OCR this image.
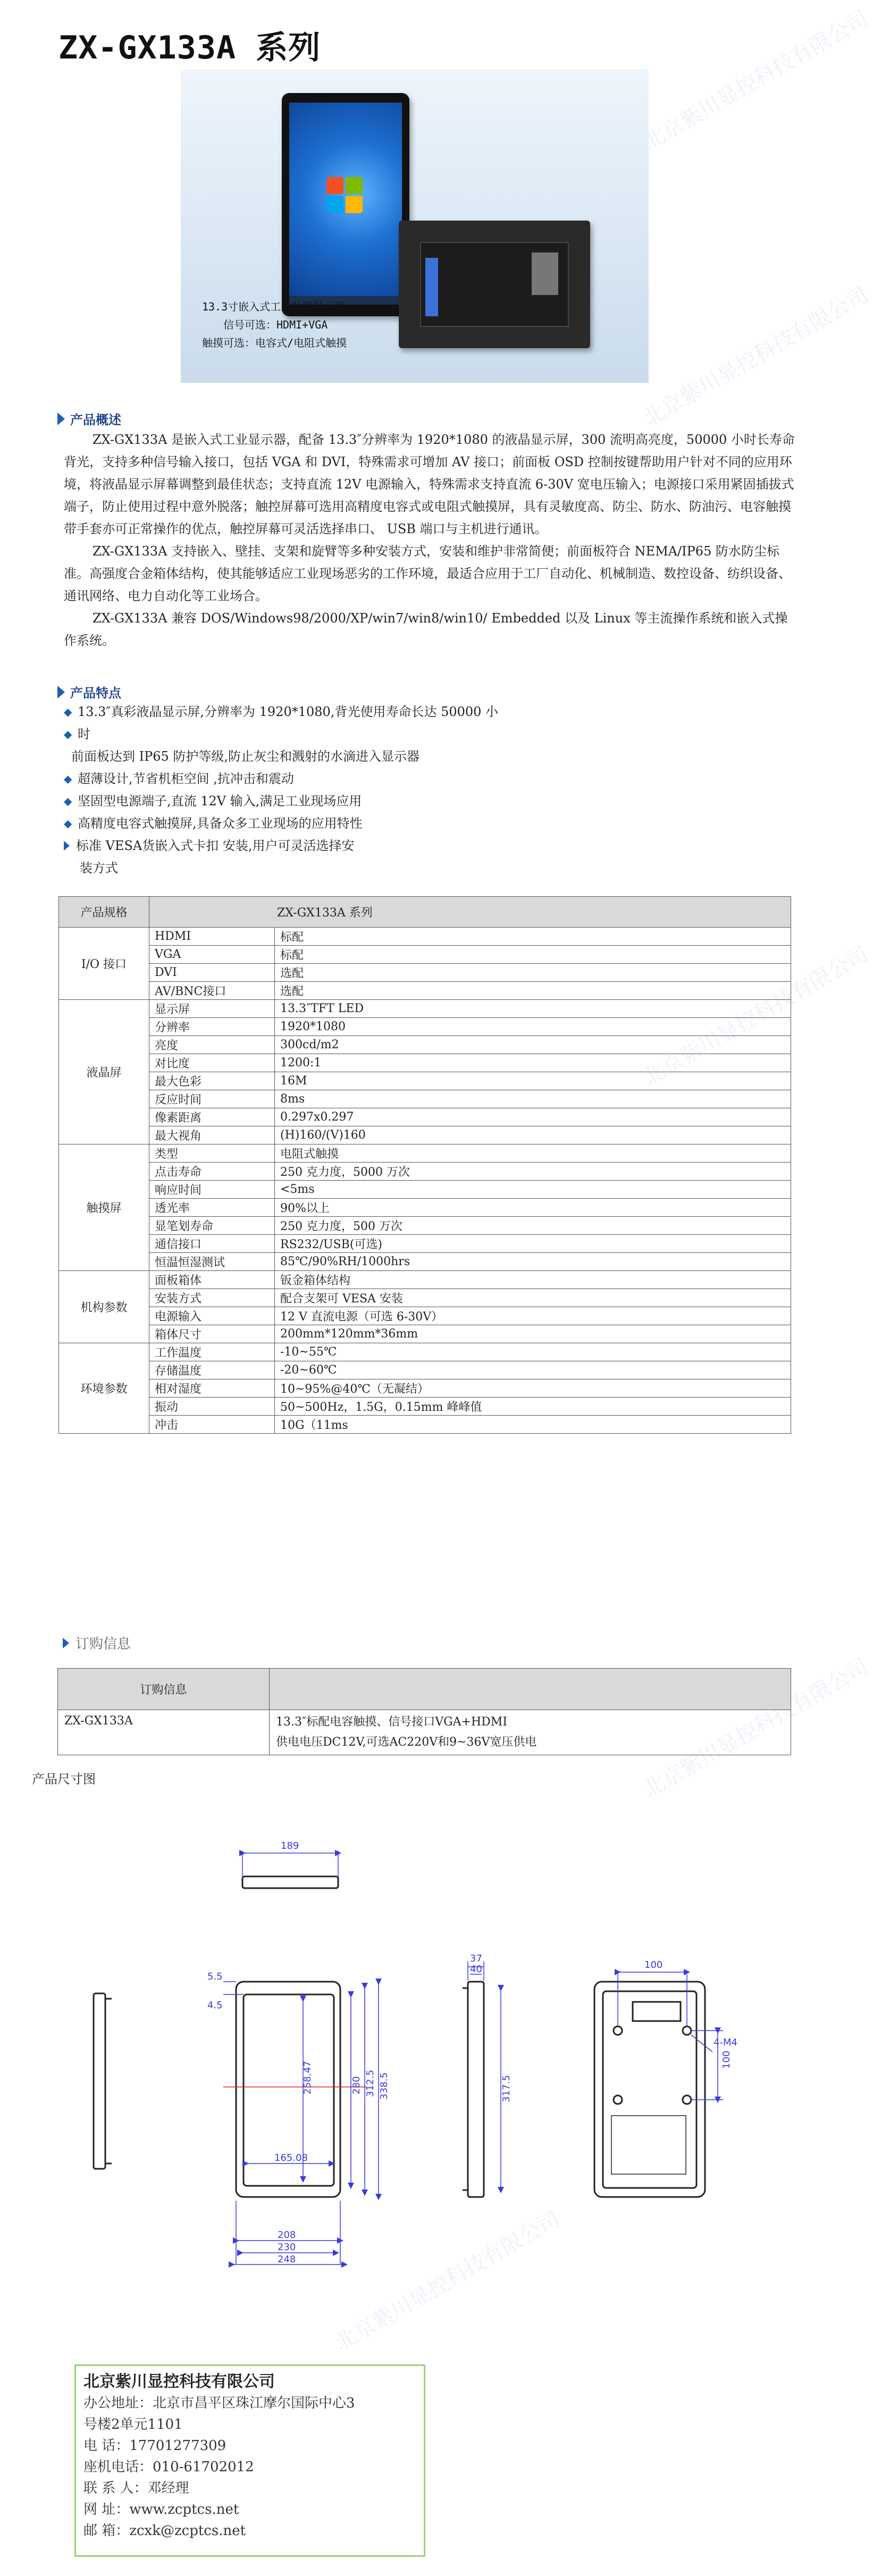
北京紫川显控科技有限公司
北京紫川显控科技有限公司
北京紫川显控科技有限公司
北京紫川显控科技有限公司
北京紫川显控科技有限公司
ZX-GX133A 系列
13.3寸嵌入式工业触摸显示器
信号可选：HDMI+VGA
触摸可选：电容式/电阻式触摸
产品概述

ZX-GX133A 是嵌入式工业显示器，配备 13.3″分辨率为 1920*1080 的液晶显示屏，300 流明高亮度，50000 小时长寿命背光，支持多种信号输入接口，包括 VGA 和 DVI，特殊需求可增加 AV 接口；前面板 OSD 控制按键帮助用户针对不同的应用环境，将液晶显示屏幕调整到最佳状态；支持直流 12V 电源输入，特殊需求支持直流 6-30V 宽电压输入；电源接口采用紧固插拔式端子，防止使用过程中意外脱落；触控屏幕可选用高精度电容式或电阻式触摸屏，具有灵敏度高、防尘、防水、防油污、电容触摸带手套亦可正常操作的优点，触控屏幕可灵活选择串口、 USB 端口与主机进行通讯。

ZX-GX133A 支持嵌入、壁挂、支架和旋臂等多种安装方式，安装和维护非常简便；前面板符合 NEMA/IP65 防水防尘标准。高强度合金箱体结构，使其能够适应工业现场恶劣的工作环境，最适合应用于工厂自动化、机械制造、数控设备、纺织设备、通讯网络、电力自动化等工业场合。

ZX-GX133A 兼容 DOS/Windows98/2000/XP/win7/win8/win10/ Embedded 以及 Linux 等主流操作系统和嵌入式操作系统。

产品特点
◆ 13.3″真彩液晶显示屏,分辨率为 1920*1080,背光使用寿命长达 50000 小
◆ 时
前面板达到 IP65 防护等级,防止灰尘和溅射的水滴进入显示器
◆ 超薄设计,节省机柜空间 ,抗冲击和震动
◆ 坚固型电源端子,直流 12V 输入,满足工业现场应用
◆ 高精度电容式触摸屏,具备众多工业现场的应用特性
标准 VESA货嵌入式卡扣 安装,用户可灵活选择安
装方式
产品规格	ZX-GX133A 系列	
I/O 接口	HDMI	标配
	VGA	标配
	DVI	选配
	AV/BNC接口	选配
液晶屏	显示屏	13.3″TFT LED
	分辨率	1920*1080
	亮度	300cd/m2
	对比度	1200:1
	最大色彩	16M
	反应时间	8ms
	像素距离	0.297x0.297
	最大视角	(H)160/(V)160
触摸屏	类型	电阻式触摸
	点击寿命	250 克力度，5000 万次
	响应时间	<5ms
	透光率	90%以上
	显笔划寿命	250 克力度，500 万次
	通信接口	RS232/USB(可选)
	恒温恒湿测试	85℃/90%RH/1000hrs
机构参数	面板箱体	钣金箱体结构
	安装方式	配合支架可 VESA 安装
	电源输入	12 V 直流电源（可选 6-30V）
	箱体尺寸	200mm*120mm*36mm
环境参数	工作温度	-10~55℃
	存储温度	-20~60℃
	相对湿度	10~95%@40℃（无凝结）
	振动	50~500Hz，1.5G，0.15mm 峰峰值
	冲击	10G（11ms
订购信息
订购信息	
ZX-GX133A	13.3″标配电容触摸、信号接口VGA+HDMI
供电电压DC12V,可选AC220V和9~36V宽压供电
产品尺寸图
189
5.5
4.5
165.08
208
230
248
258.47	280 312.5 338.5
37
40
317.5
100
4-M4
100
北京紫川显控科技有限公司
办公地址：北京市昌平区珠江摩尔国际中心3
号楼2单元1101
电 话：17701277309
座机电话：010-61702012
联 系 人：邓经理
网 址：www.zcptcs.net
邮 箱：zcxk@zcptcs.net
